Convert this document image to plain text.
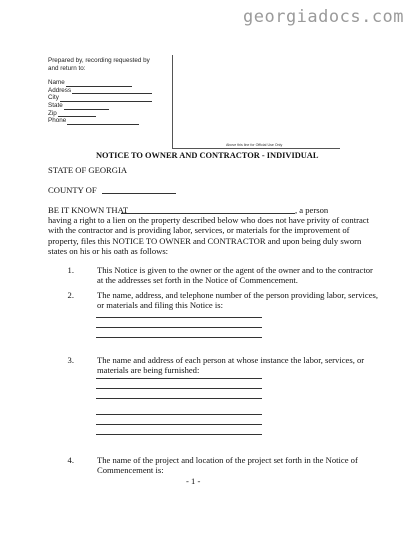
georgiadocs.com
Prepared by, recording requested by
and return to:
Name
Address
City
State
Zip
Phone
Above this line for Official Use Only
NOTICE TO OWNER AND CONTRACTOR - INDIVIDUAL
STATE OF GEORGIA
COUNTY OF
BE IT KNOWN THAT	, a person
having a right to a lien on the property described below who does not have privity of contract
with the contractor and is providing labor, services, or materials for the improvement of
property, files this NOTICE TO OWNER and CONTRACTOR and upon being duly sworn
states on his or his oath as follows:
1.	This Notice is given to the owner or the agent of the owner and to the contractor
at the addresses set forth in the Notice of Commencement.
2.	The name, address, and telephone number of the person providing labor, services,
or materials and filing this Notice is:
3.	The name and address of each person at whose instance the labor, services, or
materials are being furnished:
4.	The name of the project and location of the project set forth in the Notice of
Commencement is:
- 1 -
